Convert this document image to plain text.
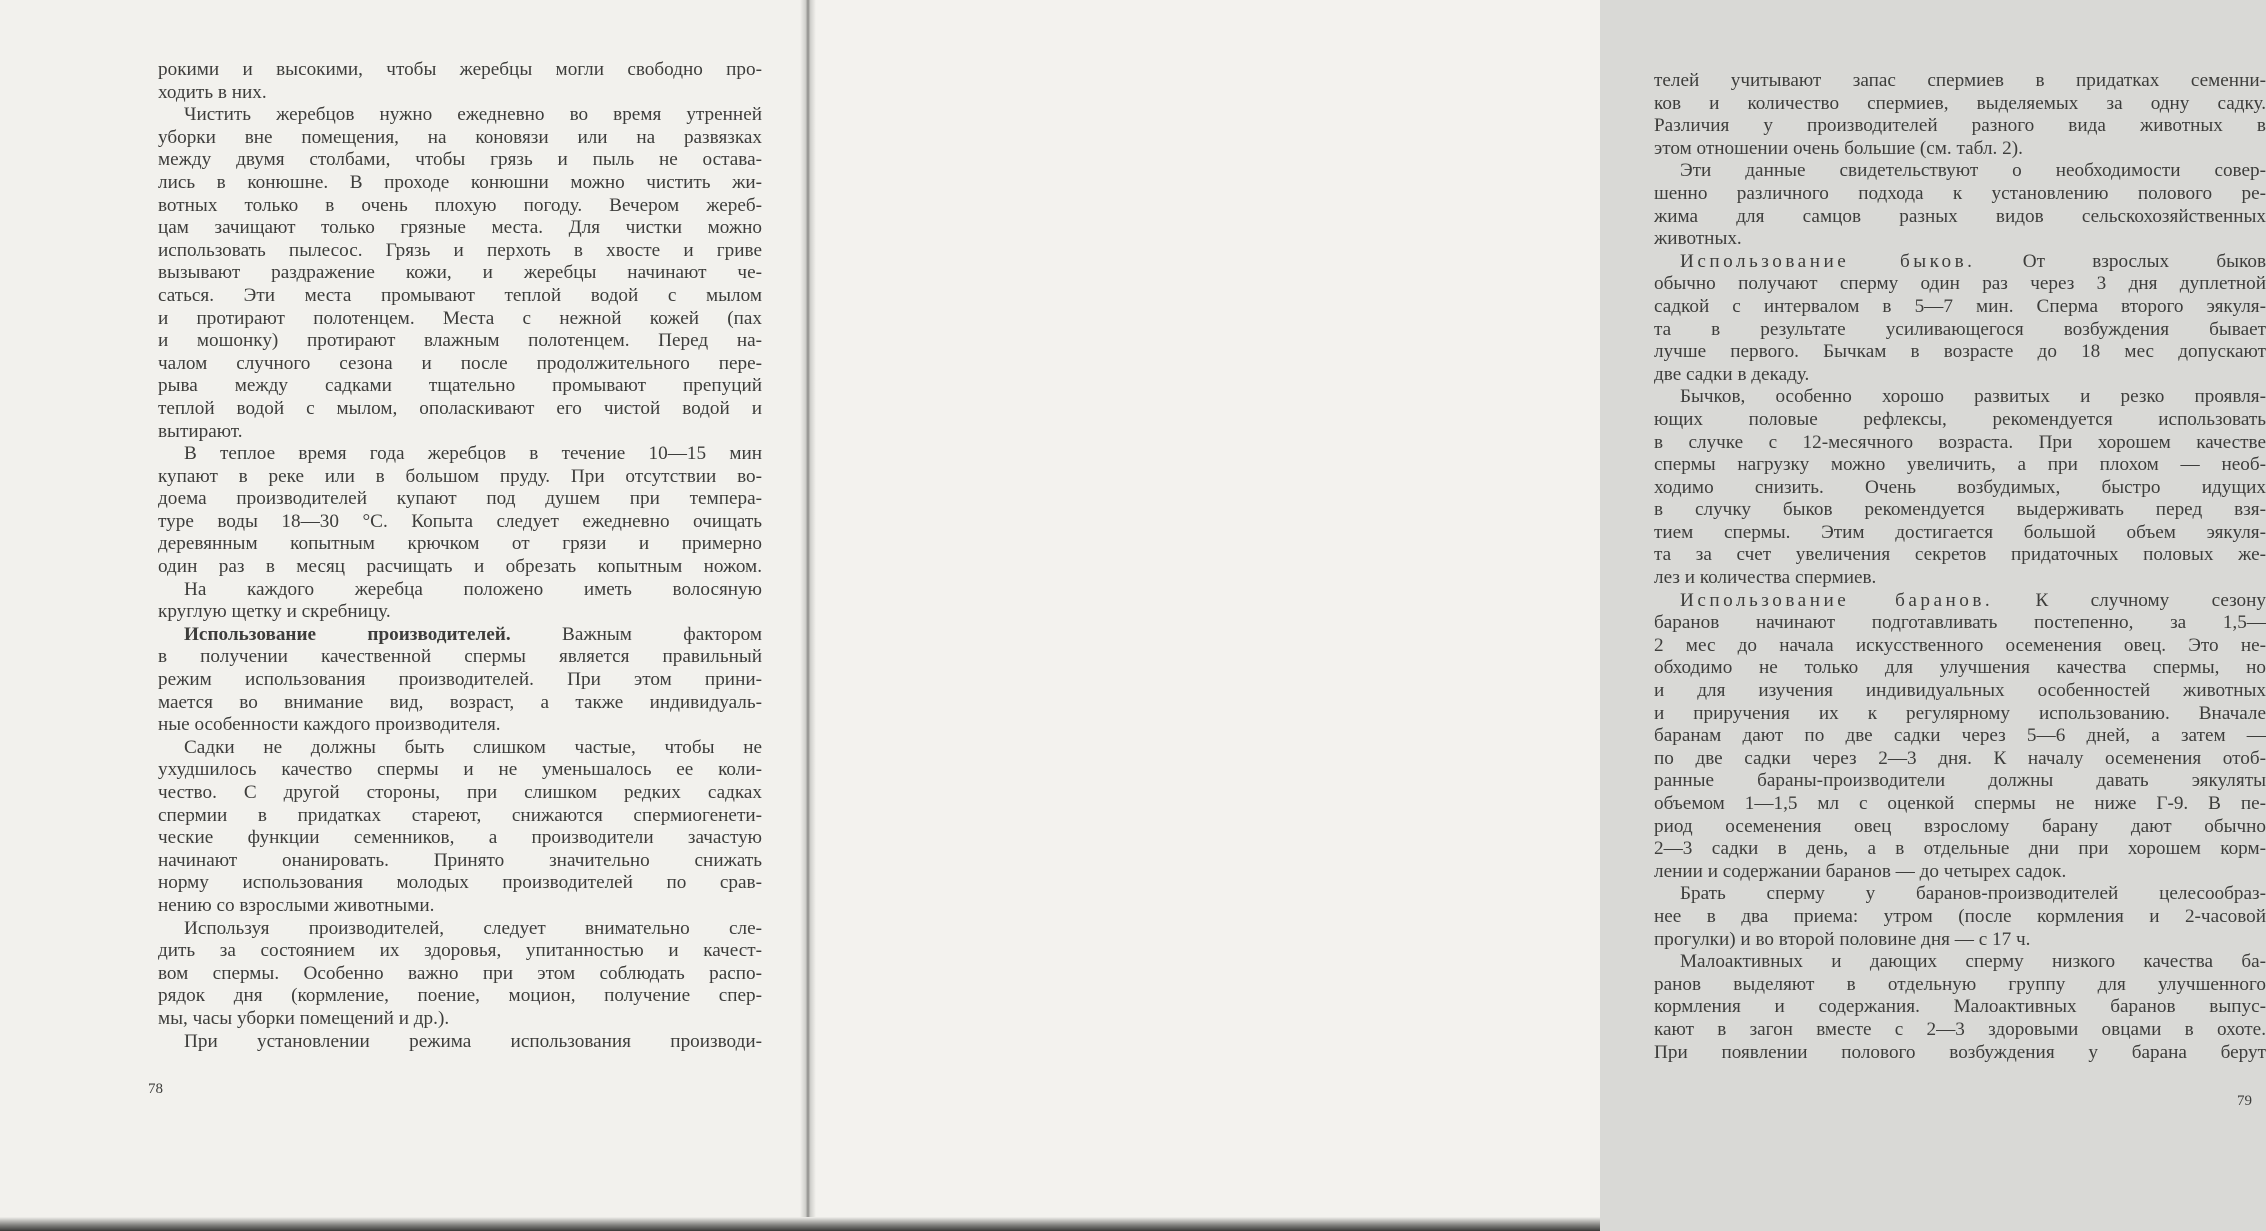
рокими и высокими, чтобы жеребцы могли свободно про-
ходить в них.
Чистить жеребцов нужно ежедневно во время утренней
уборки вне помещения, на коновязи или на развязках
между двумя столбами, чтобы грязь и пыль не остава-
лись в конюшне. В проходе конюшни можно чистить жи-
вотных только в очень плохую погоду. Вечером жереб-
цам зачищают только грязные места. Для чистки можно
использовать пылесос. Грязь и перхоть в хвосте и гриве
вызывают раздражение кожи, и жеребцы начинают че-
саться. Эти места промывают теплой водой с мылом
и протирают полотенцем. Места с нежной кожей (пах
и мошонку) протирают влажным полотенцем. Перед на-
чалом случного сезона и после продолжительного пере-
рыва между садками тщательно промывают препуций
теплой водой с мылом, ополаскивают его чистой водой и
вытирают.
В теплое время года жеребцов в течение 10—15 мин
купают в реке или в большом пруду. При отсутствии во-
доема производителей купают под душем при темпера-
туре воды 18—30 °С. Копыта следует ежедневно очищать
деревянным копытным крючком от грязи и примерно
один раз в месяц расчищать и обрезать копытным ножом.
На каждого жеребца положено иметь волосяную
круглую щетку и скребницу.
Использование производителей.	Важным фактором
в получении качественной спермы является правильный
режим использования производителей. При этом прини-
мается во внимание вид, возраст, а также индивидуаль-
ные особенности каждого производителя.
Садки не должны быть слишком частые, чтобы не
ухудшилось качество спермы и не уменьшалось ее коли-
чество. С другой стороны, при слишком редких садках
спермии в придатках стареют, снижаются спермиогенети-
ческие функции семенников, а производители зачастую
начинают онанировать. Принято значительно снижать
норму использования молодых производителей по срав-
нению со взрослыми животными.
Используя производителей, следует внимательно сле-
дить за состоянием их здоровья, упитанностью и качест-
вом спермы. Особенно важно при этом соблюдать распо-
рядок дня (кормление, поение, моцион, получение спер-
мы, часы уборки помещений и др.).
При установлении режима использования производи-
78
телей учитывают запас спермиев в придатках семенни-
ков и количество спермиев, выделяемых за одну садку.
Различия у производителей разного вида животных в
этом отношении очень большие (см. табл. 2).
Эти данные свидетельствуют о необходимости совер-
шенно различного подхода к установлению полового ре-
жима для самцов разных видов сельскохозяйственных
животных.
Использование быков. От взрослых быков
обычно получают сперму один раз через 3 дня дуплетной
садкой с интервалом в 5—7 мин. Сперма второго эякуля-
та в результате усиливающегося возбуждения бывает
лучше первого. Бычкам в возрасте до 18 мес допускают
две садки в декаду.
Бычков, особенно хорошо развитых и резко проявля-
ющих половые рефлексы, рекомендуется использовать
в случке с 12-месячного возраста. При хорошем качестве
спермы нагрузку можно увеличить, а при плохом — необ-
ходимо снизить. Очень возбудимых, быстро идущих
в случку быков рекомендуется выдерживать перед взя-
тием спермы. Этим достигается большой объем эякуля-
та за счет увеличения секретов придаточных половых же-
лез и количества спермиев.
Использование баранов. К случному сезону
баранов начинают подготавливать постепенно, за 1,5—
2 мес до начала искусственного осеменения овец. Это не-
обходимо не только для улучшения качества спермы, но
и для изучения индивидуальных особенностей животных
и приручения их к регулярному использованию. Вначале
баранам дают по две садки через 5—6 дней, а затем —
по две садки через 2—3 дня. К началу осеменения отоб-
ранные бараны-производители должны давать эякуляты
объемом 1—1,5 мл с оценкой спермы не ниже Г-9. В пе-
риод осеменения овец взрослому барану дают обычно
2—3 садки в день, а в отдельные дни при хорошем корм-
лении и содержании баранов — до четырех садок.
Брать сперму у баранов-производителей целесообраз-
нее в два приема: утром (после кормления и 2-часовой
прогулки) и во второй половине дня — с 17 ч.
Малоактивных и дающих сперму низкого качества ба-
ранов выделяют в отдельную группу для улучшенного
кормления и содержания. Малоактивных баранов выпус-
кают в загон вместе с 2—3 здоровыми овцами в охоте.
При появлении полового возбуждения у барана берут
79
